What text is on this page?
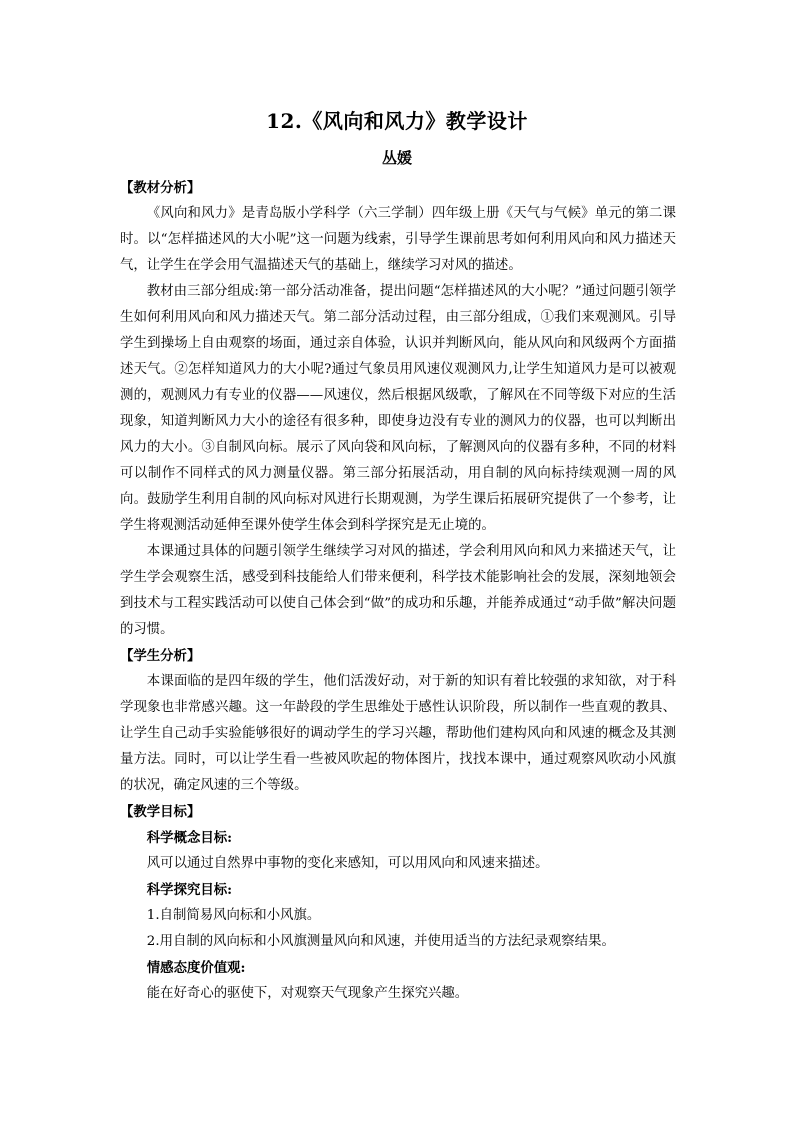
12.《风向和风力》教学设计
丛媛

【教材分析】

《风向和风力》是青岛版小学科学（六三学制）四年级上册《天气与气候》单元的第二课时。以“怎样描述风的大小呢”这一问题为线索，引导学生课前思考如何利用风向和风力描述天气，让学生在学会用气温描述天气的基础上，继续学习对风的描述。

教材由三部分组成:第一部分活动准备，提出问题“怎样描述风的大小呢？”通过问题引领学生如何利用风向和风力描述天气。第二部分活动过程，由三部分组成，①我们来观测风。引导学生到操场上自由观察的场面，通过亲自体验，认识并判断风向，能从风向和风级两个方面描述天气。②怎样知道风力的大小呢?通过气象员用风速仪观测风力,让学生知道风力是可以被观测的，观测风力有专业的仪器——风速仪，然后根据风级歌，了解风在不同等级下对应的生活现象，知道判断风力大小的途径有很多种，即使身边没有专业的测风力的仪器，也可以判断出风力的大小。③自制风向标。展示了风向袋和风向标，了解测风向的仪器有多种，不同的材料可以制作不同样式的风力测量仪器。第三部分拓展活动，用自制的风向标持续观测一周的风向。鼓励学生利用自制的风向标对风进行长期观测，为学生课后拓展研究提供了一个参考，让学生将观测活动延伸至课外使学生体会到科学探究是无止境的。

本课通过具体的问题引领学生继续学习对风的描述，学会利用风向和风力来描述天气，让学生学会观察生活，感受到科技能给人们带来便利，科学技术能影响社会的发展，深刻地领会到技术与工程实践活动可以使自己体会到“做”的成功和乐趣，并能养成通过“动手做”解决问题的习惯。

【学生分析】

本课面临的是四年级的学生，他们活泼好动，对于新的知识有着比较强的求知欲，对于科学现象也非常感兴趣。这一年龄段的学生思维处于感性认识阶段，所以制作一些直观的教具、让学生自己动手实验能够很好的调动学生的学习兴趣，帮助他们建构风向和风速的概念及其测量方法。同时，可以让学生看一些被风吹起的物体图片，找找本课中，通过观察风吹动小风旗的状况，确定风速的三个等级。

【教学目标】

科学概念目标:

风可以通过自然界中事物的变化来感知，可以用风向和风速来描述。

科学探究目标:

1.自制简易风向标和小风旗。

2.用自制的风向标和小风旗测量风向和风速，并使用适当的方法纪录观察结果。

情感态度价值观:

能在好奇心的驱使下，对观察天气现象产生探究兴趣。
